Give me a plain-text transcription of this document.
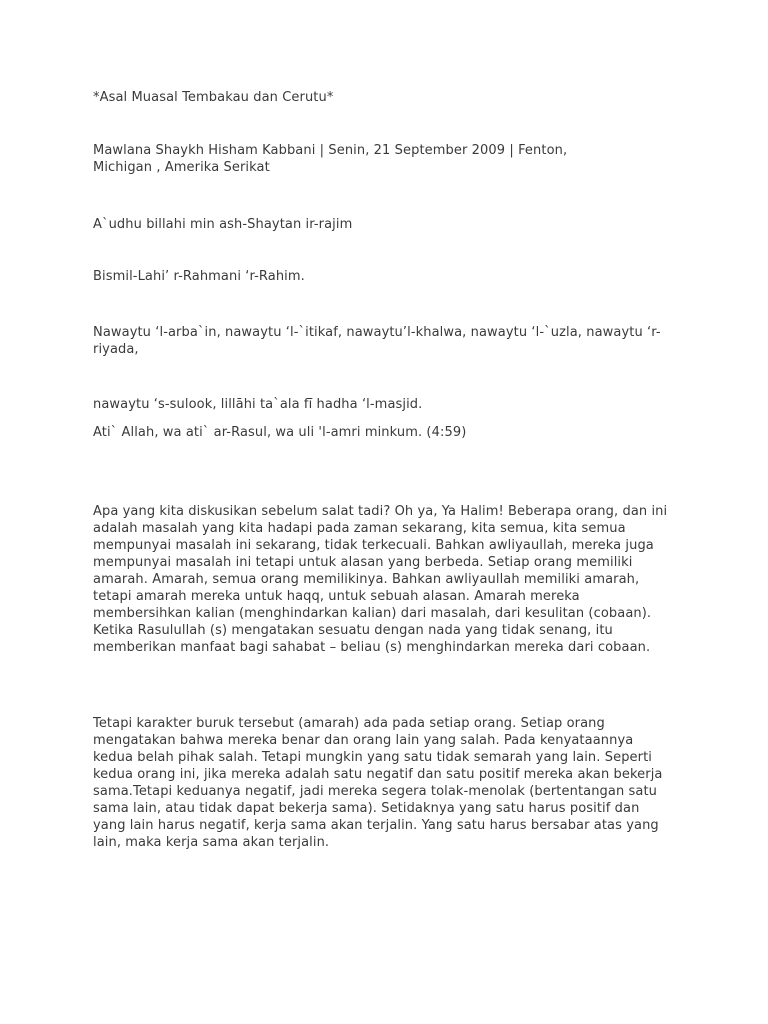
*Asal Muasal Tembakau dan Cerutu*

Mawlana Shaykh Hisham Kabbani | Senin, 21 September 2009 | Fenton, Michigan , Amerika Serikat

A`udhu billahi min ash-Shaytan ir-rajim

Bismil-Lahi’ r-Rahmani ‘r-Rahim.

Nawaytu ‘l-arba`in, nawaytu ‘l-`itikaf, nawaytu’l-khalwa, nawaytu ‘l-`uzla, nawaytu ‘r-riyada,

nawaytu ‘s-sulook, lillāhi ta`ala fī hadha ‘l-masjid.

Ati` Allah, wa ati` ar-Rasul, wa uli 'l-amri minkum. (4:59)

Apa yang kita diskusikan sebelum salat tadi? Oh ya, Ya Halim! Beberapa orang, dan ini adalah masalah yang kita hadapi pada zaman sekarang, kita semua, kita semua mempunyai masalah ini sekarang, tidak terkecuali. Bahkan awliyaullah, mereka juga mempunyai masalah ini tetapi untuk alasan yang berbeda. Setiap orang memiliki amarah. Amarah, semua orang memilikinya. Bahkan awliyaullah memiliki amarah, tetapi amarah mereka untuk haqq, untuk sebuah alasan. Amarah mereka membersihkan kalian (menghindarkan kalian) dari masalah, dari kesulitan (cobaan). Ketika Rasulullah (s) mengatakan sesuatu dengan nada yang tidak senang, itu memberikan manfaat bagi sahabat – beliau (s) menghindarkan mereka dari cobaan.

Tetapi karakter buruk tersebut (amarah) ada pada setiap orang. Setiap orang mengatakan bahwa mereka benar dan orang lain yang salah. Pada kenyataannya kedua belah pihak salah. Tetapi mungkin yang satu tidak semarah yang lain. Seperti kedua orang ini, jika mereka adalah satu negatif dan satu positif mereka akan bekerja sama.Tetapi keduanya negatif, jadi mereka segera tolak-menolak (bertentangan satu sama lain, atau tidak dapat bekerja sama). Setidaknya yang satu harus positif dan yang lain harus negatif, kerja sama akan terjalin. Yang satu harus bersabar atas yang lain, maka kerja sama akan terjalin.
